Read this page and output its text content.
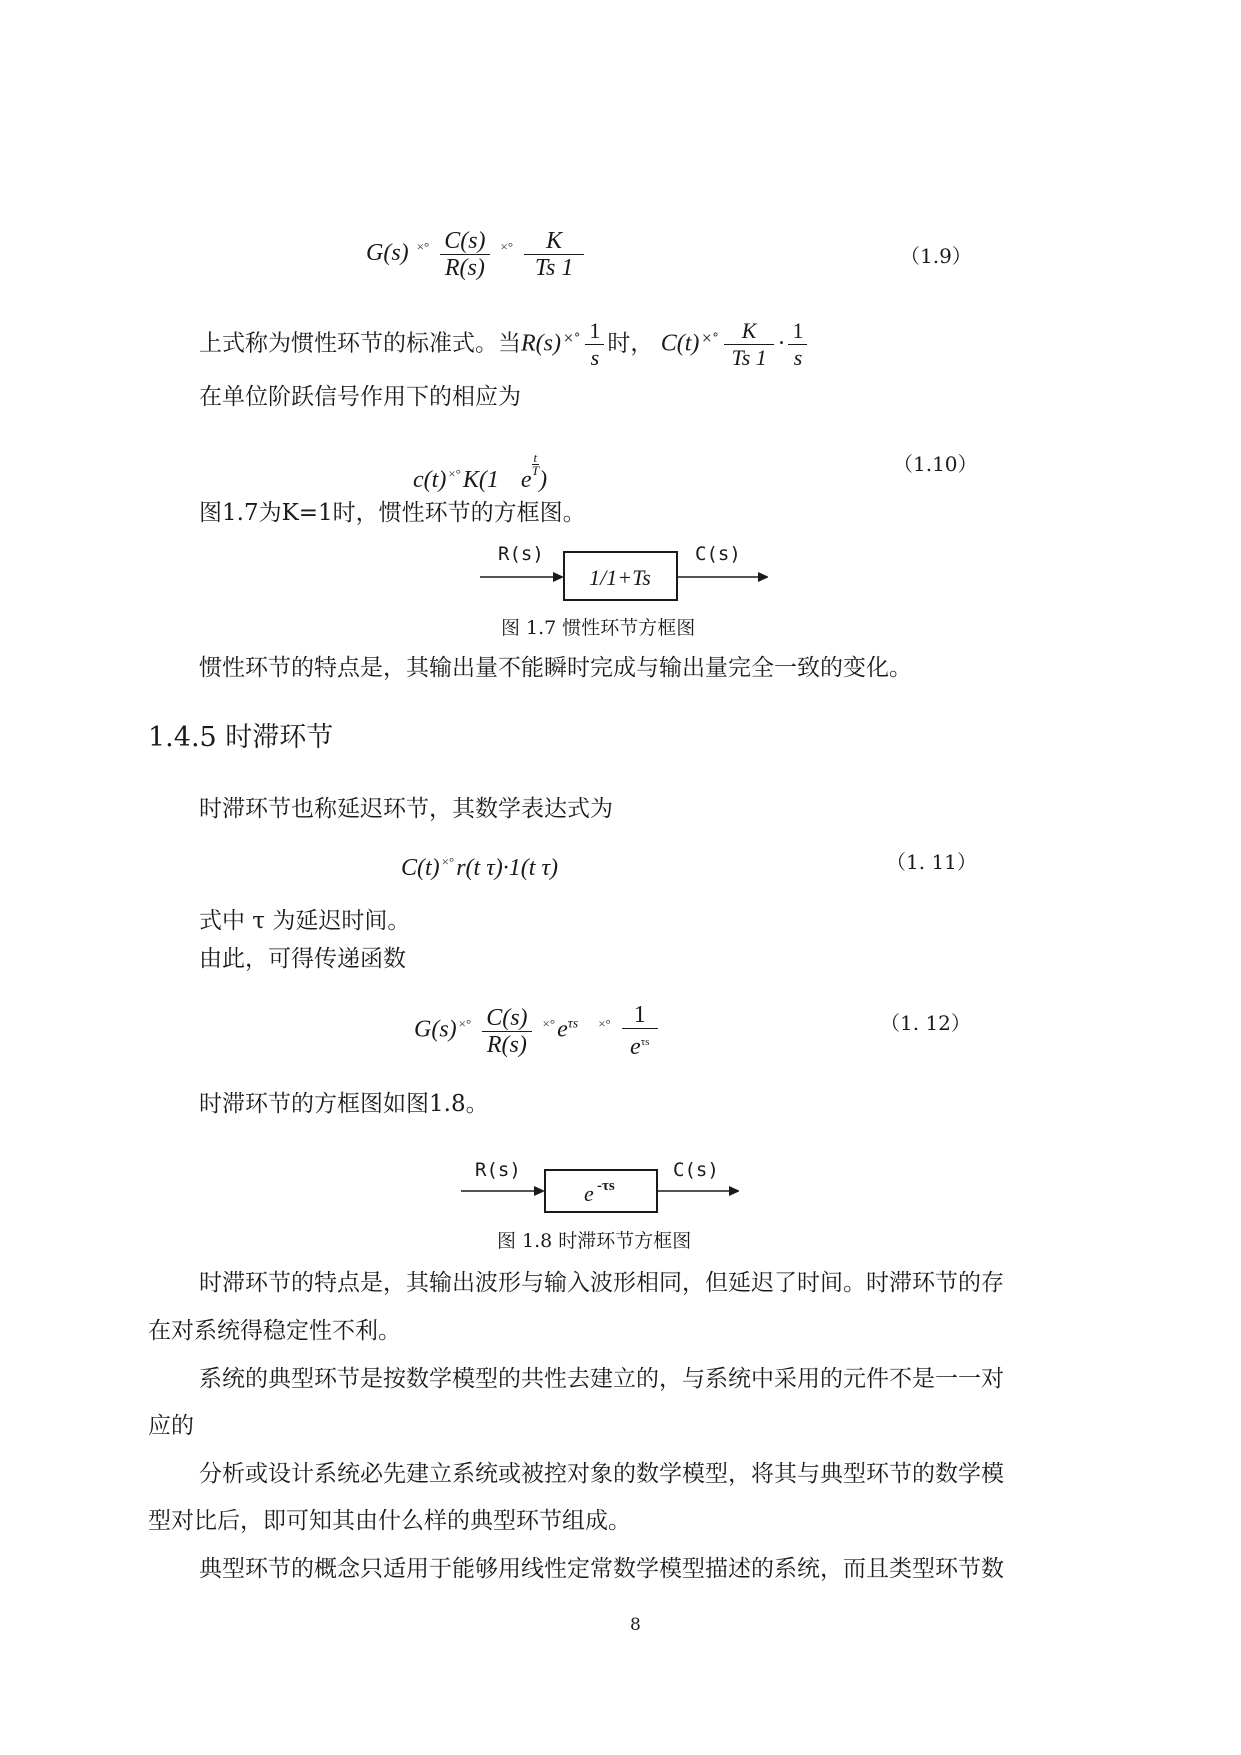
G(s) $^{\times^\circ} \frac{C(s)}{R(s)} ^{\times^\circ} \frac{K}{Ts 1}$	（1.9）
上式称为惯性环节的标准式。当R(s) $^{\times^\circ} \frac{1}{s}$ 时， C(t) $^{\times^\circ} \frac{K}{Ts 1} \cdot \frac{1}{s}$
在单位阶跃信号作用下的相应为
c(t) ×°K(1 e
$\frac{t}{T}$
)
（1.10）
图1.7为K=1时，惯性环节的方框图。
R(s)
1/1+Ts
C(s)
图 1.7 惯性环节方框图
惯性环节的特点是，其输出量不能瞬时完成与输出量完全一致的变化。
1.4.5 时滞环节
时滞环节也称延迟环节，其数学表达式为
C(t) ×°r(t τ)·1(t τ)	（1. 11）
式中 τ 为延迟时间。
由此，可得传递函数
G(s) $^{\times^\circ} \frac{C(s)}{R(s)} ^{\times^\circ}e^{\tau s}$ $^{\times^\circ} \frac{1}{e^{\tau s}}$	（1. 12）
时滞环节的方框图如图1.8。
R(s)
e -τs
C(s)
图 1.8 时滞环节方框图
时滞环节的特点是，其输出波形与输入波形相同，但延迟了时间。时滞环节的存
在对系统得稳定性不利。
系统的典型环节是按数学模型的共性去建立的，与系统中采用的元件不是一一对
应的
分析或设计系统必先建立系统或被控对象的数学模型，将其与典型环节的数学模
型对比后，即可知其由什么样的典型环节组成。
典型环节的概念只适用于能够用线性定常数学模型描述的系统，而且类型环节数
8
